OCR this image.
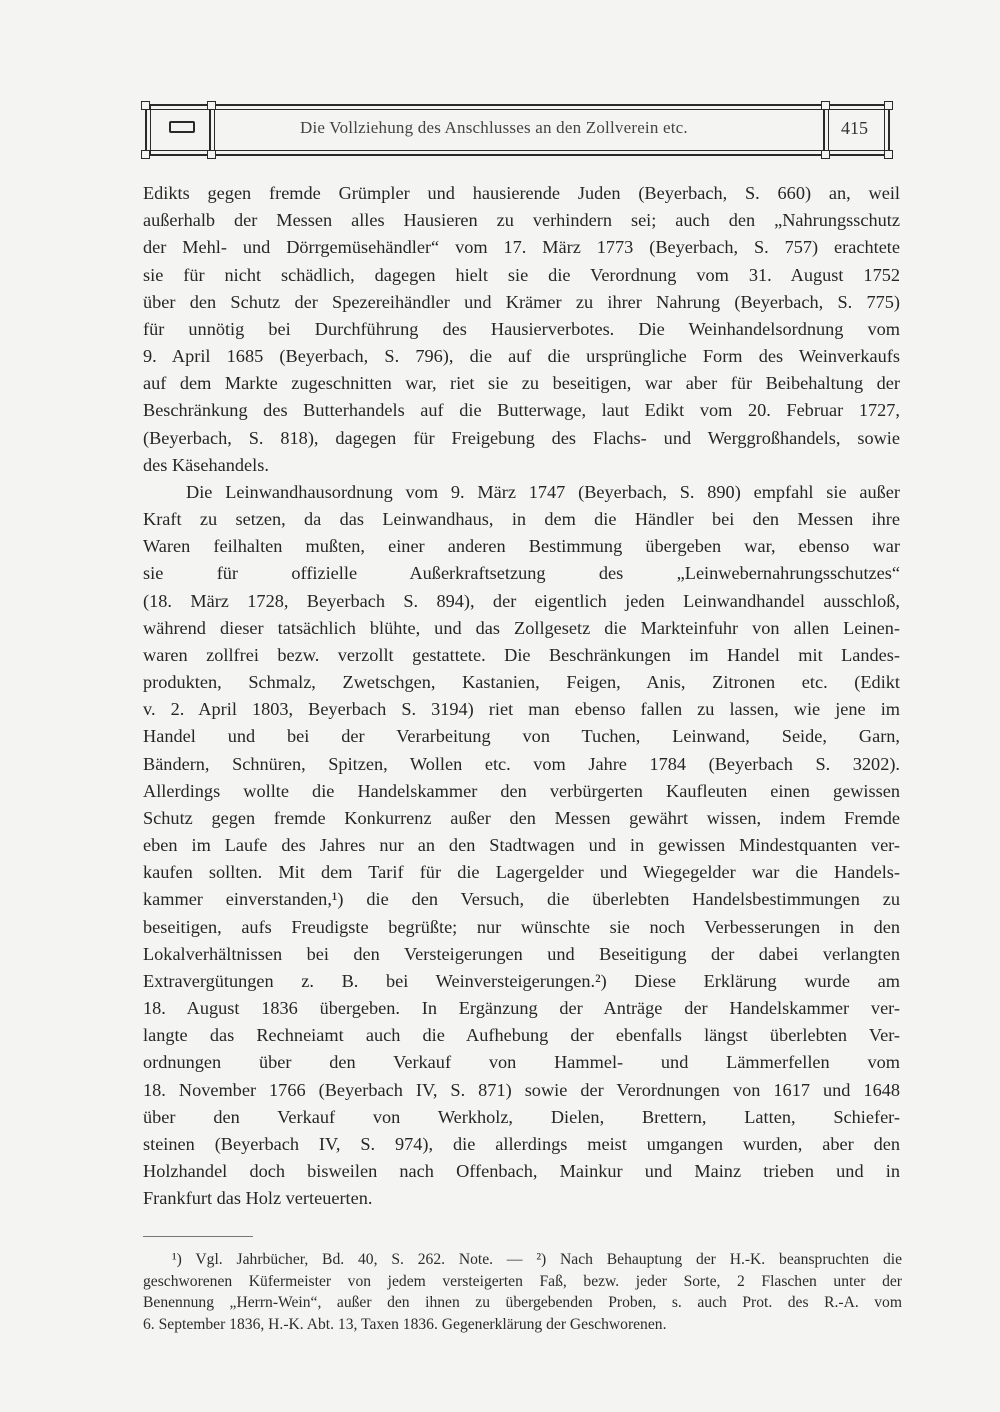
Die Vollziehung des Anschlusses an den Zollverein etc.	415
Edikts gegen fremde Grümpler und hausierende Juden (Beyerbach, S. 660) an, weil
außerhalb der Messen alles Hausieren zu verhindern sei; auch den „Nahrungsschutz
der Mehl- und Dörrgemüsehändler“ vom 17. März 1773 (Beyerbach, S. 757) erachtete
sie für nicht schädlich, dagegen hielt sie die Verordnung vom 31. August 1752
über den Schutz der Spezereihändler und Krämer zu ihrer Nahrung (Beyerbach, S. 775)
für unnötig bei Durchführung des Hausierverbotes. Die Weinhandelsordnung vom
9. April 1685 (Beyerbach, S. 796), die auf die ursprüngliche Form des Weinverkaufs
auf dem Markte zugeschnitten war, riet sie zu beseitigen, war aber für Beibehaltung der
Beschränkung des Butterhandels auf die Butterwage, laut Edikt vom 20. Februar 1727,
(Beyerbach, S. 818), dagegen für Freigebung des Flachs- und Werggroßhandels, sowie
des Käsehandels.
Die Leinwandhausordnung vom 9. März 1747 (Beyerbach, S. 890) empfahl sie außer
Kraft zu setzen, da das Leinwandhaus, in dem die Händler bei den Messen ihre
Waren feilhalten mußten, einer anderen Bestimmung übergeben war, ebenso war
sie für offizielle Außerkraftsetzung des „Leinwebernahrungsschutzes“
(18. März 1728, Beyerbach S. 894), der eigentlich jeden Leinwandhandel ausschloß,
während dieser tatsächlich blühte, und das Zollgesetz die Markteinfuhr von allen Leinen-
waren zollfrei bezw. verzollt gestattete. Die Beschränkungen im Handel mit Landes-
produkten, Schmalz, Zwetschgen, Kastanien, Feigen, Anis, Zitronen etc. (Edikt
v. 2. April 1803, Beyerbach S. 3194) riet man ebenso fallen zu lassen, wie jene im
Handel und bei der Verarbeitung von Tuchen, Leinwand, Seide, Garn,
Bändern, Schnüren, Spitzen, Wollen etc. vom Jahre 1784 (Beyerbach S. 3202).
Allerdings wollte die Handelskammer den verbürgerten Kaufleuten einen gewissen
Schutz gegen fremde Konkurrenz außer den Messen gewährt wissen, indem Fremde
eben im Laufe des Jahres nur an den Stadtwagen und in gewissen Mindestquanten ver-
kaufen sollten. Mit dem Tarif für die Lagergelder und Wiegegelder war die Handels-
kammer einverstanden,¹) die den Versuch, die überlebten Handelsbestimmungen zu
beseitigen, aufs Freudigste begrüßte; nur wünschte sie noch Verbesserungen in den
Lokalverhältnissen bei den Versteigerungen und Beseitigung der dabei verlangten
Extravergütungen z. B. bei Weinversteigerungen.²) Diese Erklärung wurde am
18. August 1836 übergeben. In Ergänzung der Anträge der Handelskammer ver-
langte das Rechneiamt auch die Aufhebung der ebenfalls längst überlebten Ver-
ordnungen über den Verkauf von Hammel- und Lämmerfellen vom
18. November 1766 (Beyerbach IV, S. 871) sowie der Verordnungen von 1617 und 1648
über den Verkauf von Werkholz, Dielen, Brettern, Latten, Schiefer-
steinen (Beyerbach IV, S. 974), die allerdings meist umgangen wurden, aber den
Holzhandel doch bisweilen nach Offenbach, Mainkur und Mainz trieben und in
Frankfurt das Holz verteuerten.
¹) Vgl. Jahrbücher, Bd. 40, S. 262. Note. — ²) Nach Behauptung der H.-K. beanspruchten die
geschworenen Küfermeister von jedem versteigerten Faß, bezw. jeder Sorte, 2 Flaschen unter der
Benennung „Herrn-Wein“, außer den ihnen zu übergebenden Proben, s. auch Prot. des R.-A. vom
6. September 1836, H.-K. Abt. 13, Taxen 1836. Gegenerklärung der Geschworenen.
